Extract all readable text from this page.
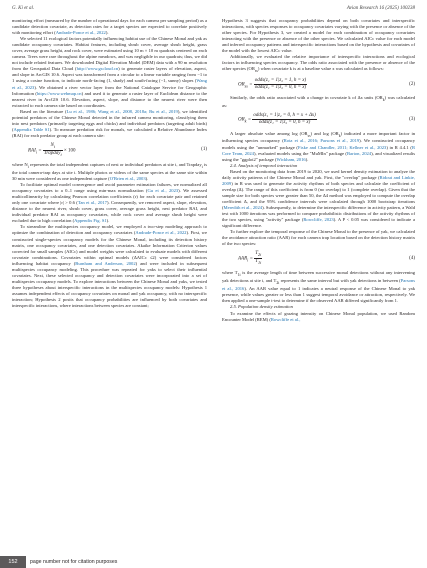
G. Ki et al.	Avian Research 16 (2025) 100238

monitoring effort (measured by the number of operational days for each camera per sampling period) as a candidate detection covariate, as detection rates for a target species are expected to correlate positively with monitoring effort (Andrade-Ponce et al., 2022).

We selected 11 ecological factors potentially influencing habitat use of the Chinese Monal and yak as candidate occupancy covariates. Habitat features, including shrub cover, average shrub height, grass cover, average grass height, and rock cover, were estimated using 10 m × 10 m quadrats centered on each camera. Trees were rare throughout the alpine meadows, and was negligible in our quadrats; thus, we did not include related features. We downloaded Digital Elevation Model (DEM) data with a 90 m resolution from the Geospatial Data Cloud (http://www.gscloud.cn) to generate raster layers of elevation, aspect, and slope in ArcGIS 10.6. Aspect was transformed from a circular to a linear variable ranging from −1 to 1 using a cosine function, to indicate north-facing (1, shady) and south-facing (−1, sunny) slopes (Wang et al., 2023). We obtained a river vector layer from the National Catalogue Service for Geographic Information (https://www.webmap.cn) and used it to generate a raster layer of Euclidean distance to the nearest river in ArcGIS 10.6. Elevation, aspect, slope, and distance to the nearest river were then extracted to each camera site based on coordinates.

Based on the literature (Lu et al., 1986; Wang et al., 2008, 2018a; Bu et al., 2019), we identified potential predators of the Chinese Monal detected in the infrared camera monitoring, classifying them into nest predators (primarily targeting eggs and chicks) and individual predators (targeting adult birds) (Appendix Table S1). To measure predation risk for monals, we calculated a Relative Abundance Index (RAI) for each predator group at each camera site:

$RAI_i = \frac{N_i}{Trapday_i} \times 100$	(1)

where $N_i$ represents the total independent captures of nest or individual predators at site i, and Trapday$_i$ is the total camera-trap days at site i. Multiple photos or videos of the same species at the same site within 30 min were considered as one independent capture (O'Brien et al., 2003).

To facilitate optimal model convergence and avoid parameter estimation failures, we normalized all occupancy covariates to a 0–1 range using min-max normalization (Gu et al., 2023). We assessed multicollinearity by calculating Pearson correlation coefficients (r) for each covariate pair and retained only one covariate where |r| > 0.6 (Tan et al., 2017). Consequently, we removed aspect, slope, elevation, distance to the nearest river, shrub cover, grass cover, average grass height, nest predator RAI, and individual predator RAI as occupancy covariates, while rock cover and average shrub height were excluded due to high correlation (Appendix Fig. S1).

To streamline the multispecies occupancy model, we employed a two-step modeling approach to optimize the combination of detection and occupancy covariates (Andrade-Ponce et al., 2022). First, we constructed single-species occupancy models for the Chinese Monal, including its detection history matrix, one occupancy covariates, and one detection covariates. Akaike Information Criterion values corrected for small samples (AICc) and model weights were calculated to evaluate models with different covariate combinations. Covariates within optimal models (ΔAICc ≤2) were considered factors influencing habitat occupancy (Burnham and Anderson, 2002) and were included in subsequent multispecies occupancy modeling. This procedure was repeated for yaks to select their influential covariates. Next, these selected occupancy and detection covariates were incorporated into a set of multispecies occupancy models. To explore interactions between the Chinese Monal and yaks, we tested three hypotheses about interspecific interactions in the multispecies occupancy models: Hypothesis 1 assumes independent effects of occupancy covariates on monal and yak occupancy, with no interspecific interaction; Hypothesis 2 posits that occupancy probabilities are influenced by both covariates and interspecific interactions, where interactions between species are constant;

Hypothesis 3 suggests that occupancy probabilities depend on both covariates and interspecific interactions, with species responses to occupancy covariates varying with the presence or absence of the other species. For Hypothesis 3, we created a model for each combination of occupancy covariates interacting with the presence or absence of the other species. We calculated AICc value for each model and inferred occupancy patterns and interspecific interactions based on the hypothesis and covariates of the model with the lowest AICc value.

Additionally, we evaluated the relative importance of interspecific interactions and ecological factors in influencing species occupancy. The odds ratio associated with the presence or absence of the other species $(OR_{ss})$ when covariate k is at a baseline value x was calculated as follows:

$OR_{ss} = \frac{\text{odds(z₁ = 1|z₂ = 1, h = x)}}{\text{odds(z₁ = 1|z₂ = 0, h = x)}}$	(2)

Similarly, the odds ratio associated with a change in covariate k of Δx units $(OR_k)$ was calculated as:

$OR_k = \frac{\text{odds(z₁ = 1|z₂ = 0, h = x + Δx)}}{\text{odds(z₁ = 1|z₂ = 0, h = x)}}$	(3)

A larger absolute value among $\log (OR_{ss})$ and $\log (OR_k)$ indicated a more important factor in influencing species occupancy (Rota et al., 2016; Parsons et al., 2019). We constructed occupancy models using the "unmarked" package (Fiske and Chandler, 2011; Kellner et al., 2023) in R 4.4.1 (R Core Team, 2024), evaluated models using the "MuMIn" package (Barton, 2024), and visualized results using the "ggplot2" package (Wickham, 2016).

2.4. Analysis of temporal interaction

Based on the monitoring data from 2019 to 2020, we used kernel density estimation to analyze the daily activity patterns of the Chinese Monal and yak. First, the "overlap" package (Ridout and Linkie, 2009) in R was used to generate the activity rhythms of both species and calculate the coefficient of overlap (Δ). The range of this coefficient is from 0 (no overlap) to 1 (complete overlap). Given that the sample size for both species were greater than 50, the Δ4 method was employed to compute the overlap coefficient Δ, and the 95% confidence intervals were calculated through 1000 bootstrap iterations (Meredith et al., 2024). Subsequently, to determine the interspecific difference in activity pattern, a Wald test with 1000 iterations was performed to compare probabilistic distributions of the activity rhythms of the two species, using "activity" package (Rowcliffe, 2023). A P < 0.05 was considered to indicate a significant difference.

To further explore the temporal response of the Chinese Monal to the presence of yak, we calculated the avoidance attraction ratio (AAR) for each camera trap location based on the detection history matrix of the two species:

$AAR_i = \frac{T_{2i}}{T_{1i}}$	(4)

where $T_{1i}$ is the average length of time between successive monal detections without any intervening yak detections at site i, and $T_{2i}$ represents the same interval but with yak detections in between (Parsons et al., 2016). An AAR value equal to 1 indicates a neutral response of the Chinese Monal to yak presence, while values greater or less than 1 suggest temporal avoidance or attraction, respectively. We then applied a one-sample t-test to determine if the observed AAR differed significantly from 1.

2.5. Population density estimation

To examine the effects of grazing intensity on Chinese Monal population, we used Random Encounter Model (REM) (Rowcliffe et al.,

152	page number not for citation purposes
